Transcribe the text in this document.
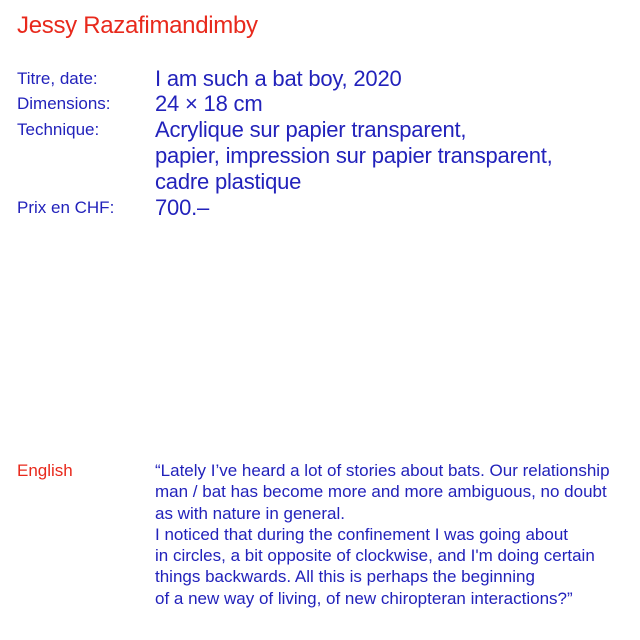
Jessy Razafimandimby
Titre, date:	I am such a bat boy, 2020
Dimensions: 24 × 18 cm
Technique:	Acrylique sur papier transparent,
papier, impression sur papier transparent,
cadre plastique
Prix en CHF: 700.–
English	“Lately I’ve heard a lot of stories about bats. Our relationship
man / bat has become more and more ambiguous, no doubt
as with nature in general.
I noticed that during the confinement I was going about
in circles, a bit opposite of clockwise, and I'm doing certain
things backwards. All this is perhaps the beginning
of a new way of living, of new chiropteran interactions?”
